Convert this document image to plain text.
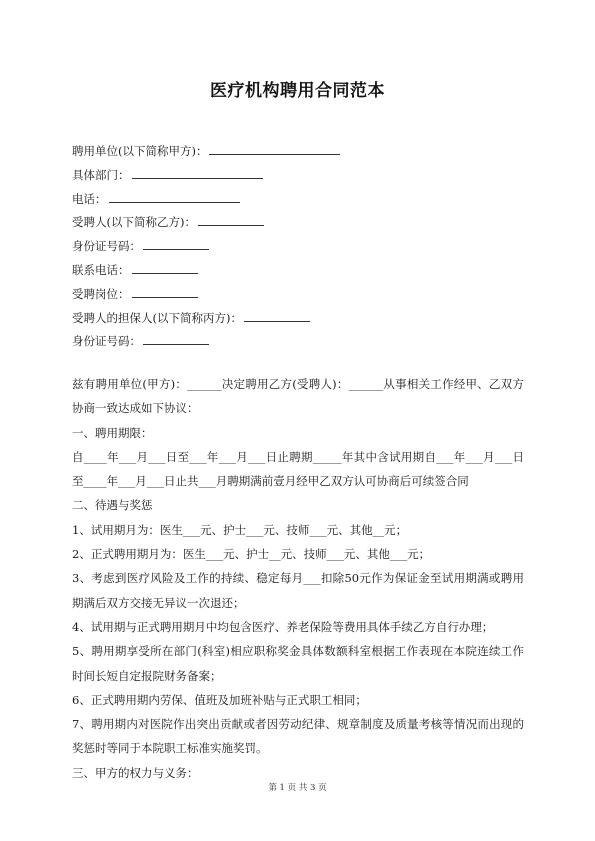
医疗机构聘用合同范本
聘用单位(以下简称甲方)：
具体部门：
电话：
受聘人(以下简称乙方)：
身份证号码：
联系电话：
受聘岗位：
受聘人的担保人(以下简称丙方)：
身份证号码：

兹有聘用单位(甲方)：______决定聘用乙方(受聘人)：______从事相关工作经甲、乙双方协商一致达成如下协议：

一、聘用期限：

自____年___月___日至___年___月___日止聘期_____年其中含试用期自___年___月___日至____年___月___日止共___月聘期满前壹月经甲乙双方认可协商后可续签合同

二、待遇与奖惩

1、试用期月为：医生___元、护士___元、技师___元、其他__元；

2、正式聘用期月为：医生___元、护士__元、技师___元、其他___元；

3、考虑到医疗风险及工作的持续、稳定每月___扣除50元作为保证金至试用期满或聘用期满后双方交接无异议一次退还；

4、试用期与正式聘用期月中均包含医疗、养老保险等费用具体手续乙方自行办理；

5、聘用期享受所在部门(科室)相应职称奖金具体数额科室根据工作表现在本院连续工作时间长短自定报院财务备案；

6、正式聘用期内劳保、值班及加班补贴与正式职工相同；

7、聘用期内对医院作出突出贡献或者因劳动纪律、规章制度及质量考核等情况而出现的奖惩时等同于本院职工标准实施奖罚。

三、甲方的权力与义务：

第 1 页 共 3 页
